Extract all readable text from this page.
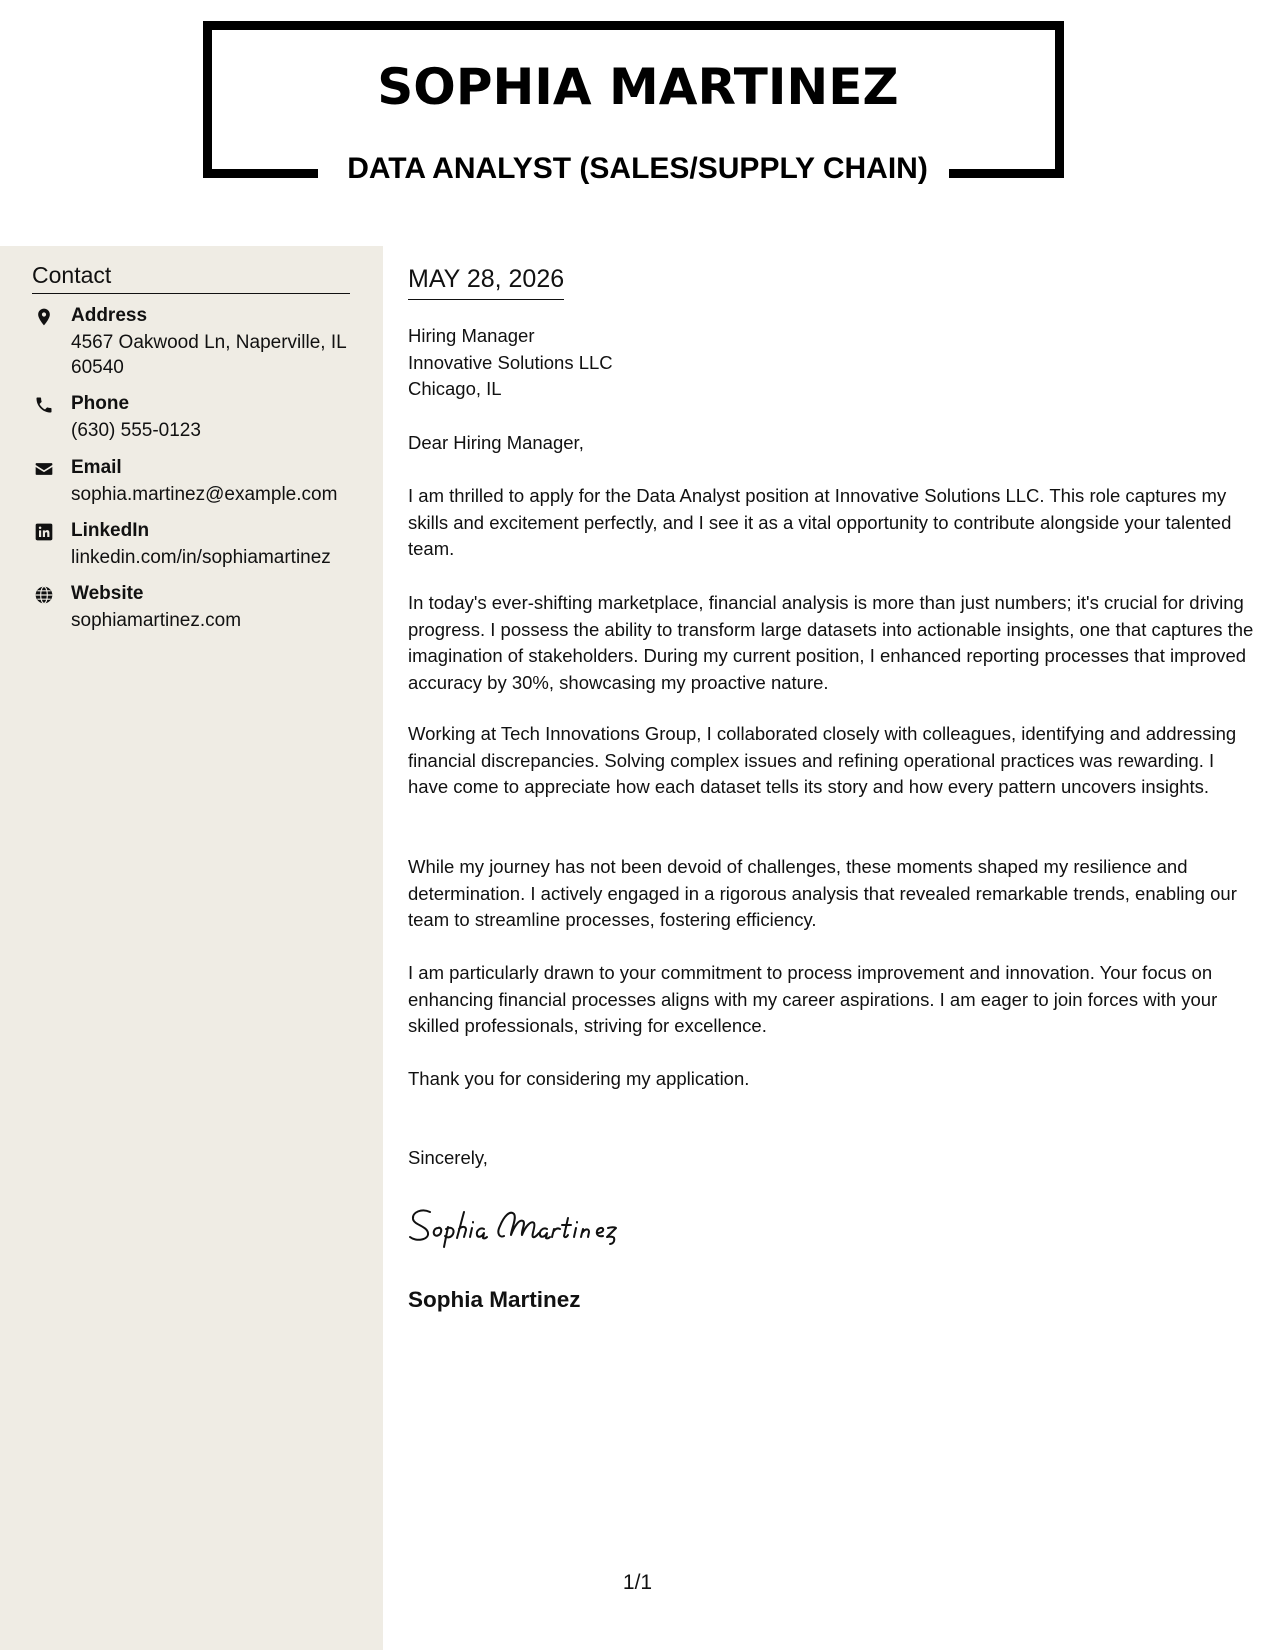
SOPHIA MARTINEZ
DATA ANALYST (SALES/SUPPLY CHAIN)
Contact
Address
4567 Oakwood Ln, Naperville, IL 60540
Phone
(630) 555-0123
Email
sophia.martinez@example.com
LinkedIn
linkedin.com/in/sophiamartinez
Website
sophiamartinez.com
MAY 28, 2026
Hiring Manager
Innovative Solutions LLC
Chicago, IL

Dear Hiring Manager,

I am thrilled to apply for the Data Analyst position at Innovative Solutions LLC. This role captures my skills and excitement perfectly, and I see it as a vital opportunity to contribute alongside your talented team.

In today's ever-shifting marketplace, financial analysis is more than just numbers; it's crucial for driving progress. I possess the ability to transform large datasets into actionable insights, one that captures the imagination of stakeholders. During my current position, I enhanced reporting processes that improved accuracy by 30%, showcasing my proactive nature.

Working at Tech Innovations Group, I collaborated closely with colleagues, identifying and addressing financial discrepancies. Solving complex issues and refining operational practices was rewarding. I have come to appreciate how each dataset tells its story and how every pattern uncovers insights.

While my journey has not been devoid of challenges, these moments shaped my resilience and determination. I actively engaged in a rigorous analysis that revealed remarkable trends, enabling our team to streamline processes, fostering efficiency.

I am particularly drawn to your commitment to process improvement and innovation. Your focus on enhancing financial processes aligns with my career aspirations. I am eager to join forces with your skilled professionals, striving for excellence.

Thank you for considering my application.

Sincerely,

Sophia Martinez
1/1
